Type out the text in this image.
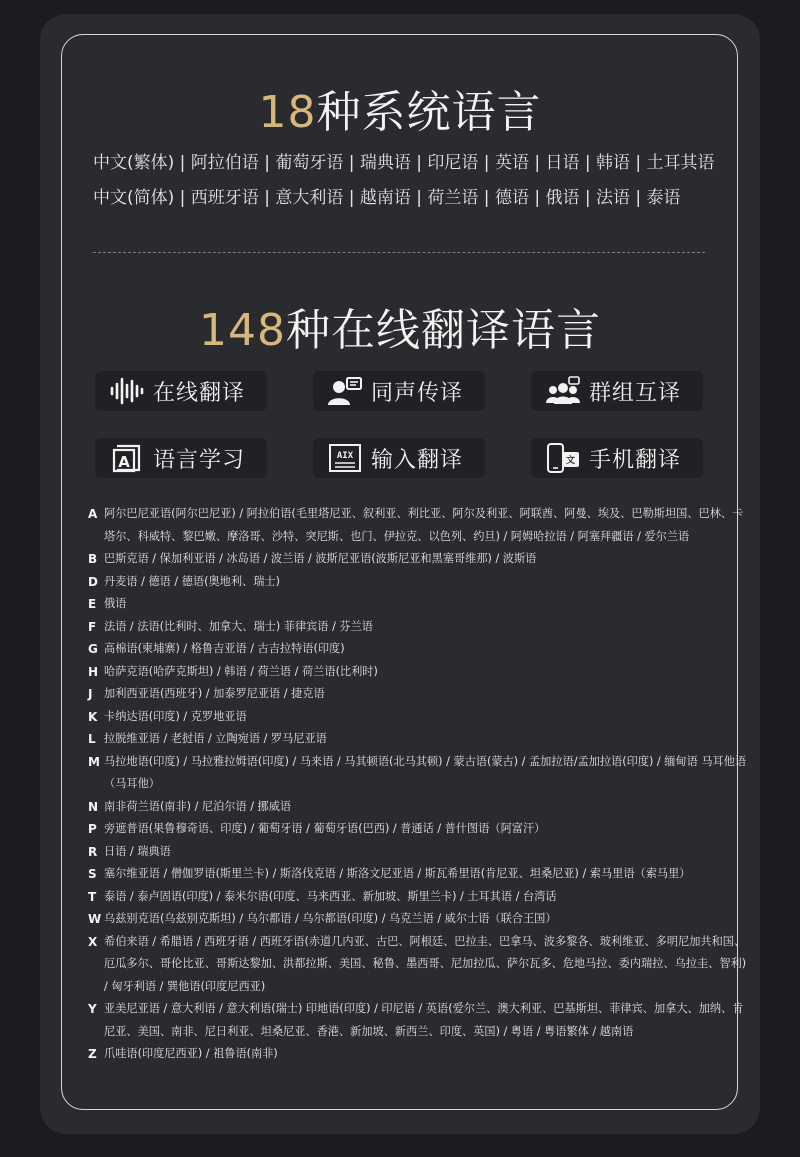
18种系统语言
中文(繁体) | 阿拉伯语 | 葡萄牙语 | 瑞典语 | 印尼语 | 英语 | 日语 | 韩语 | 土耳其语
中文(简体) | 西班牙语 | 意大利语 | 越南语 | 荷兰语 | 德语 | 俄语 | 法语 | 泰语
148种在线翻译语言
在线翻译	同声传译	群组互译
A 语言学习	AIX 输入翻译	文 手机翻译
A 阿尔巴尼亚语(阿尔巴尼亚) / 阿拉伯语(毛里塔尼亚、叙利亚、利比亚、阿尔及利亚、阿联酋、阿曼、埃及、巴勒斯坦国、巴林、卡塔尔、科威特、黎巴嫩、摩洛哥、沙特、突尼斯、也门、伊拉克、以色列、约旦) / 阿姆哈拉语 / 阿塞拜疆语 / 爱尔兰语
B 巴斯克语 / 保加利亚语 / 冰岛语 / 波兰语 / 波斯尼亚语(波斯尼亚和黑塞哥维那) / 波斯语
D 丹麦语 / 德语 / 德语(奥地利、瑞士)
E 俄语
F 法语 / 法语(比利时、加拿大、瑞士) 菲律宾语 / 芬兰语
G 高棉语(柬埔寨) / 格鲁吉亚语 / 古吉拉特语(印度)
H 哈萨克语(哈萨克斯坦) / 韩语 / 荷兰语 / 荷兰语(比利时)
J	加利西亚语(西班牙) / 加泰罗尼亚语 / 捷克语
K 卡纳达语(印度) / 克罗地亚语
L 拉脱维亚语 / 老挝语 / 立陶宛语 / 罗马尼亚语
M 马拉地语(印度) / 马拉雅拉姆语(印度) / 马来语 / 马其顿语(北马其顿) / 蒙古语(蒙古) / 孟加拉语/孟加拉语(印度) / 缅甸语 马耳他语（马耳他）
N 南非荷兰语(南非) / 尼泊尔语 / 挪威语
P 旁遮普语(果鲁穆奇语、印度) / 葡萄牙语 / 葡萄牙语(巴西) / 普通话 / 普什图语（阿富汗）
R 日语 / 瑞典语
S 塞尔维亚语 / 僧伽罗语(斯里兰卡) / 斯洛伐克语 / 斯洛文尼亚语 / 斯瓦希里语(肯尼亚、坦桑尼亚) / 索马里语（索马里）
T 泰语 / 泰卢固语(印度) / 泰米尔语(印度、马来西亚、新加坡、斯里兰卡) / 土耳其语 / 台湾话
W 乌兹别克语(乌兹别克斯坦) / 乌尔都语 / 乌尔都语(印度) / 乌克兰语 / 威尔士语（联合王国）
X 希伯来语 / 希腊语 / 西班牙语 / 西班牙语(赤道几内亚、古巴、阿根廷、巴拉圭、巴拿马、波多黎各、玻利维亚、多明尼加共和国、厄瓜多尔、哥伦比亚、哥斯达黎加、洪都拉斯、美国、秘鲁、墨西哥、尼加拉瓜、萨尔瓦多、危地马拉、委内瑞拉、乌拉圭、智利) / 匈牙利语 / 巽他语(印度尼西亚)
Y 亚美尼亚语 / 意大利语 / 意大利语(瑞士) 印地语(印度) / 印尼语 / 英语(爱尔兰、澳大利亚、巴基斯坦、菲律宾、加拿大、加纳、肯尼亚、美国、南非、尼日利亚、坦桑尼亚、香港、新加坡、新西兰、印度、英国) / 粤语 / 粤语繁体 / 越南语
Z 爪哇语(印度尼西亚) / 祖鲁语(南非)
